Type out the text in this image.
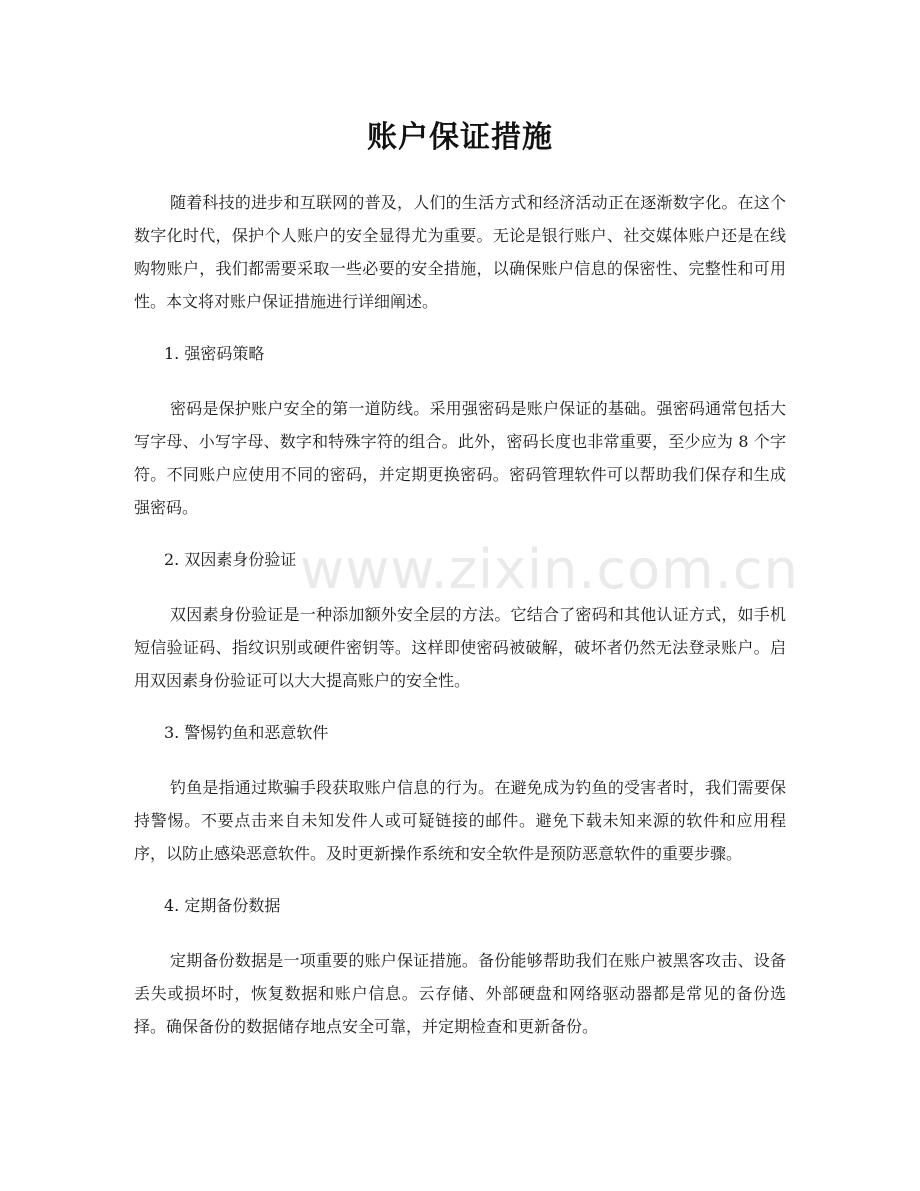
账户保证措施

随着科技的进步和互联网的普及，人们的生活方式和经济活动正在逐渐数字化。在这个数字化时代，保护个人账户的安全显得尤为重要。无论是银行账户、社交媒体账户还是在线购物账户，我们都需要采取一些必要的安全措施，以确保账户信息的保密性、完整性和可用性。本文将对账户保证措施进行详细阐述。

1. 强密码策略

密码是保护账户安全的第一道防线。采用强密码是账户保证的基础。强密码通常包括大写字母、小写字母、数字和特殊字符的组合。此外，密码长度也非常重要，至少应为 8 个字符。不同账户应使用不同的密码，并定期更换密码。密码管理软件可以帮助我们保存和生成强密码。

2. 双因素身份验证

双因素身份验证是一种添加额外安全层的方法。它结合了密码和其他认证方式，如手机短信验证码、指纹识别或硬件密钥等。这样即使密码被破解，破坏者仍然无法登录账户。启用双因素身份验证可以大大提高账户的安全性。

3. 警惕钓鱼和恶意软件

钓鱼是指通过欺骗手段获取账户信息的行为。在避免成为钓鱼的受害者时，我们需要保持警惕。不要点击来自未知发件人或可疑链接的邮件。避免下载未知来源的软件和应用程序，以防止感染恶意软件。及时更新操作系统和安全软件是预防恶意软件的重要步骤。

4. 定期备份数据

定期备份数据是一项重要的账户保证措施。备份能够帮助我们在账户被黑客攻击、设备丢失或损坏时，恢复数据和账户信息。云存储、外部硬盘和网络驱动器都是常见的备份选择。确保备份的数据储存地点安全可靠，并定期检查和更新备份。

www.zixin.com.cn
